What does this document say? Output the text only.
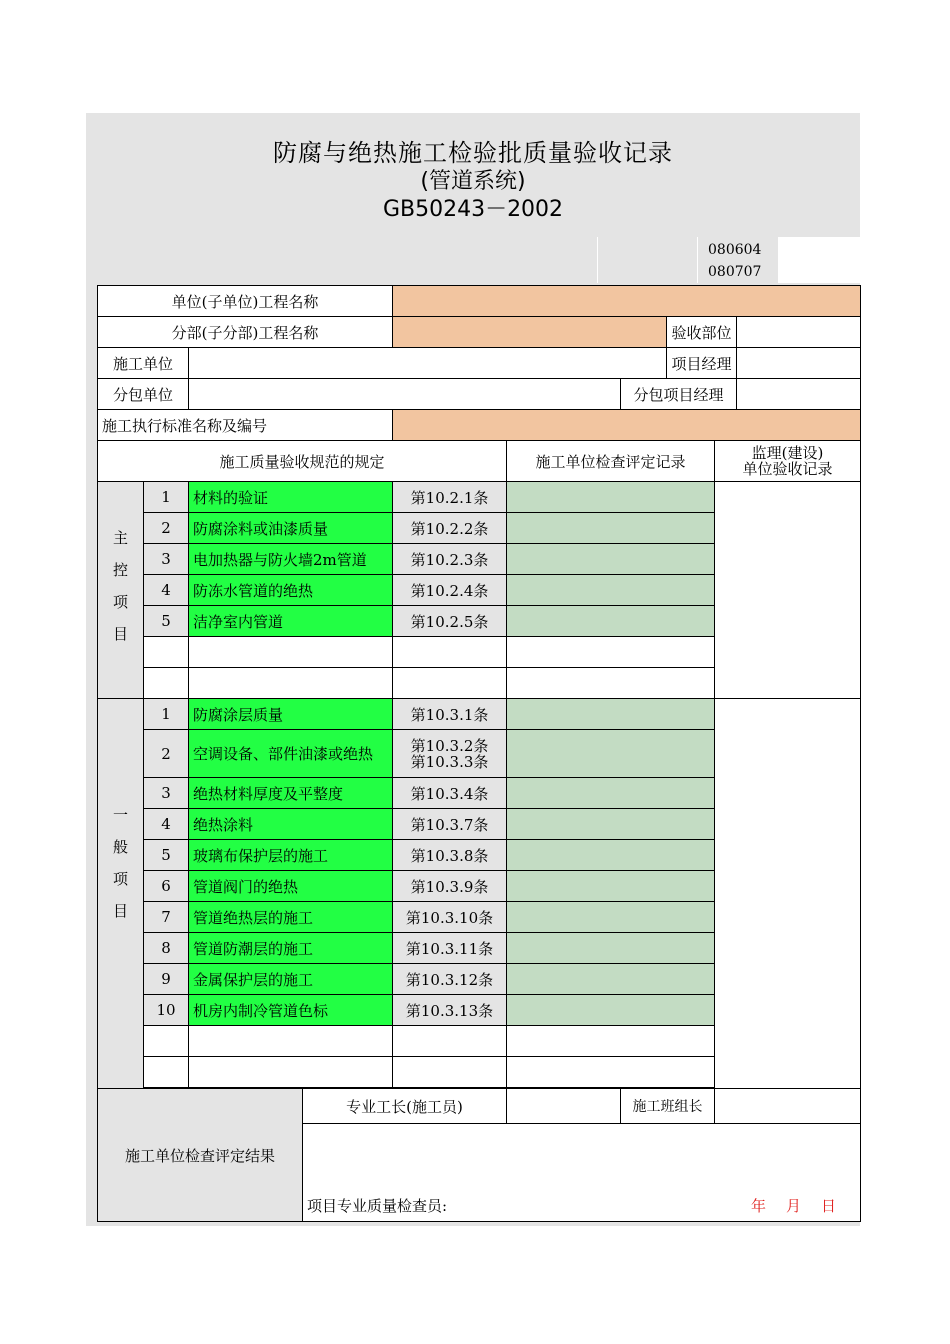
防腐与绝热施工检验批质量验收记录
(管道系统)
GB50243－2002
080604
080707
单位(子单位)工程名称									
分部(子分部)工程名称							验收部位		
施工单位							项目经理		
分包单位						分包项目经理			
施工执行标准名称及编号									
施工质量验收规范的规定					施工单位检查评定记录			监理(建设)
单位验收记录	

主
控
项
目	1	材料的验证		第10.2.1条					
	2	防腐涂料或油漆质量		第10.2.2条					
	3	电加热器与防火墙2m管道		第10.2.3条					
	4	防冻水管道的绝热		第10.2.4条					
	5	洁净室内管道		第10.2.5条					

一
般
项
目	1	防腐涂层质量		第10.3.1条					
	2	空调设备、部件油漆或绝热		第10.3.2条
第10.3.3条					

	3	绝热材料厚度及平整度		第10.3.4条					
	4	绝热涂料		第10.3.7条					
	5	玻璃布保护层的施工		第10.3.8条					
	6	管道阀门的绝热		第10.3.9条					
	7	管道绝热层的施工		第10.3.10条					
	8	管道防潮层的施工		第10.3.11条					
	9	金属保护层的施工		第10.3.12条					
	10	机房内制冷管道色标		第10.3.13条					

施工单位检查评定结果			专业工长(施工员)			施工班组长			

			项目专业质量检查员:					年月日	
